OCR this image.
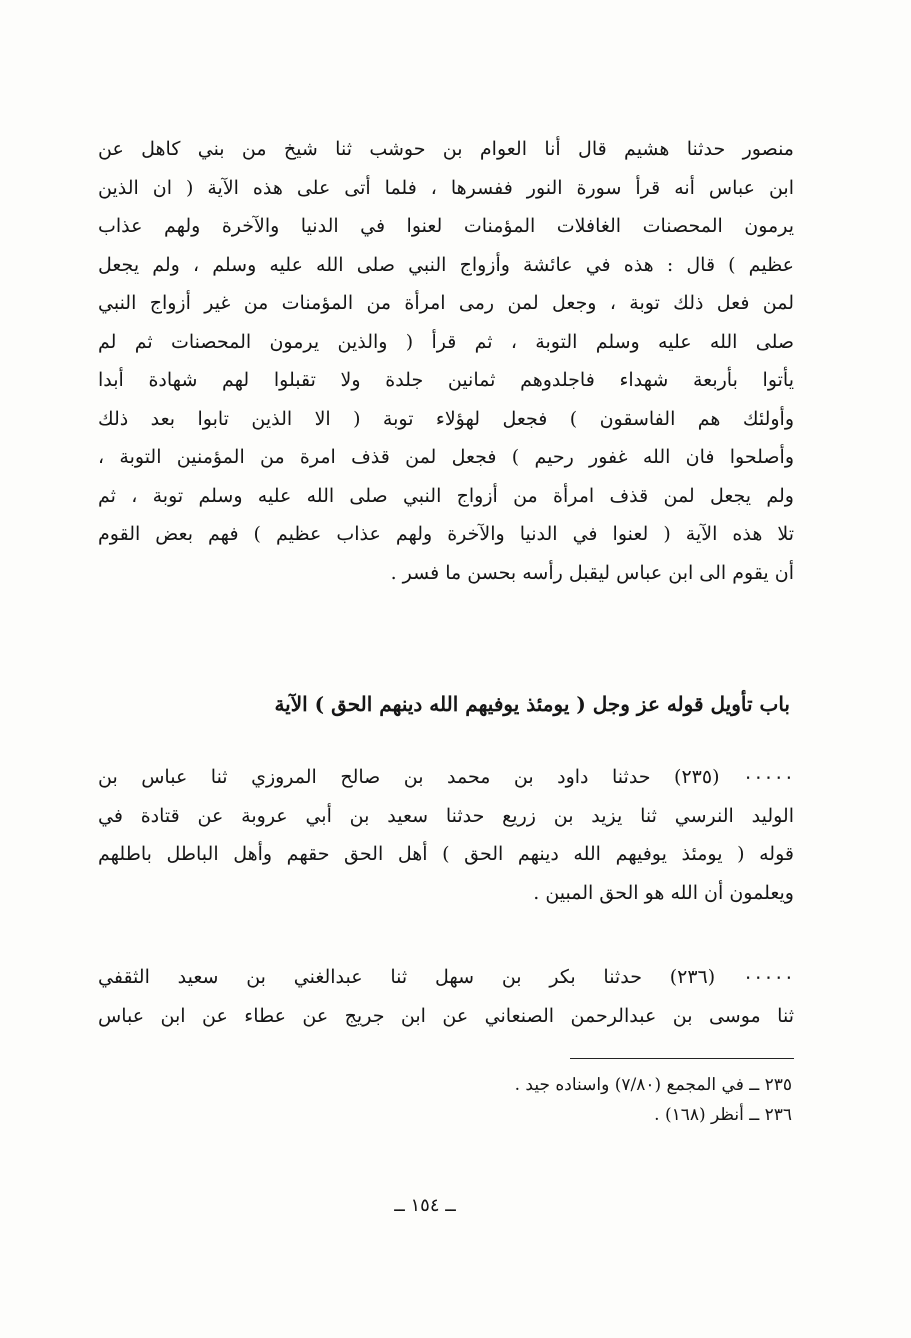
منصور حدثنا هشيم قال أنا العوام بن حوشب ثنا شيخ من بني كاهل عن
ابن عباس أنه قرأ سورة النور ففسرها ، فلما أتى على هذه الآية ( ان الذين
يرمون المحصنات الغافلات المؤمنات لعنوا في الدنيا والآخرة ولهم عذاب
عظيم ) قال : هذه في عائشة وأزواج النبي صلى الله عليه وسلم ، ولم يجعل
لمن فعل ذلك توبة ، وجعل لمن رمى امرأة من المؤمنات من غير أزواج النبي
صلى الله عليه وسلم التوبة ، ثم قرأ ( والذين يرمون المحصنات ثم لم
يأتوا بأربعة شهداء فاجلدوهم ثمانين جلدة ولا تقبلوا لهم شهادة أبدا
وأولئك هم الفاسقون ) فجعل لهؤلاء توبة ( الا الذين تابوا بعد ذلك
وأصلحوا فان الله غفور رحيم ) فجعل لمن قذف امرة من المؤمنين التوبة ،
ولم يجعل لمن قذف امرأة من أزواج النبي صلى الله عليه وسلم توبة ، ثم
تلا هذه الآية ( لعنوا في الدنيا والآخرة ولهم عذاب عظيم ) فهم بعض القوم
أن يقوم الى ابن عباس ليقبل رأسه بحسن ما فسر .
باب تأويل قوله عز وجل ( يومئذ يوفيهم الله دينهم الحق ) الآية
٠٠٠٠٠ (٢٣٥) حدثنا داود بن محمد بن صالح المروزي ثنا عباس بن
الوليد النرسي ثنا يزيد بن زريع حدثنا سعيد بن أبي عروبة عن قتادة في
قوله ( يومئذ يوفيهم الله دينهم الحق ) أهل الحق حقهم وأهل الباطل باطلهم
ويعلمون أن الله هو الحق المبين .
٠٠٠٠٠ (٢٣٦) حدثنا بكر بن سهل ثنا عبدالغني بن سعيد الثقفي
ثنا موسى بن عبدالرحمن الصنعاني عن ابن جريج عن عطاء عن ابن عباس
٢٣٥ ــ في المجمع (٧/٨٠) واسناده جيد .
٢٣٦ ــ أنظر (١٦٨) .
ــ ١٥٤ ــ
